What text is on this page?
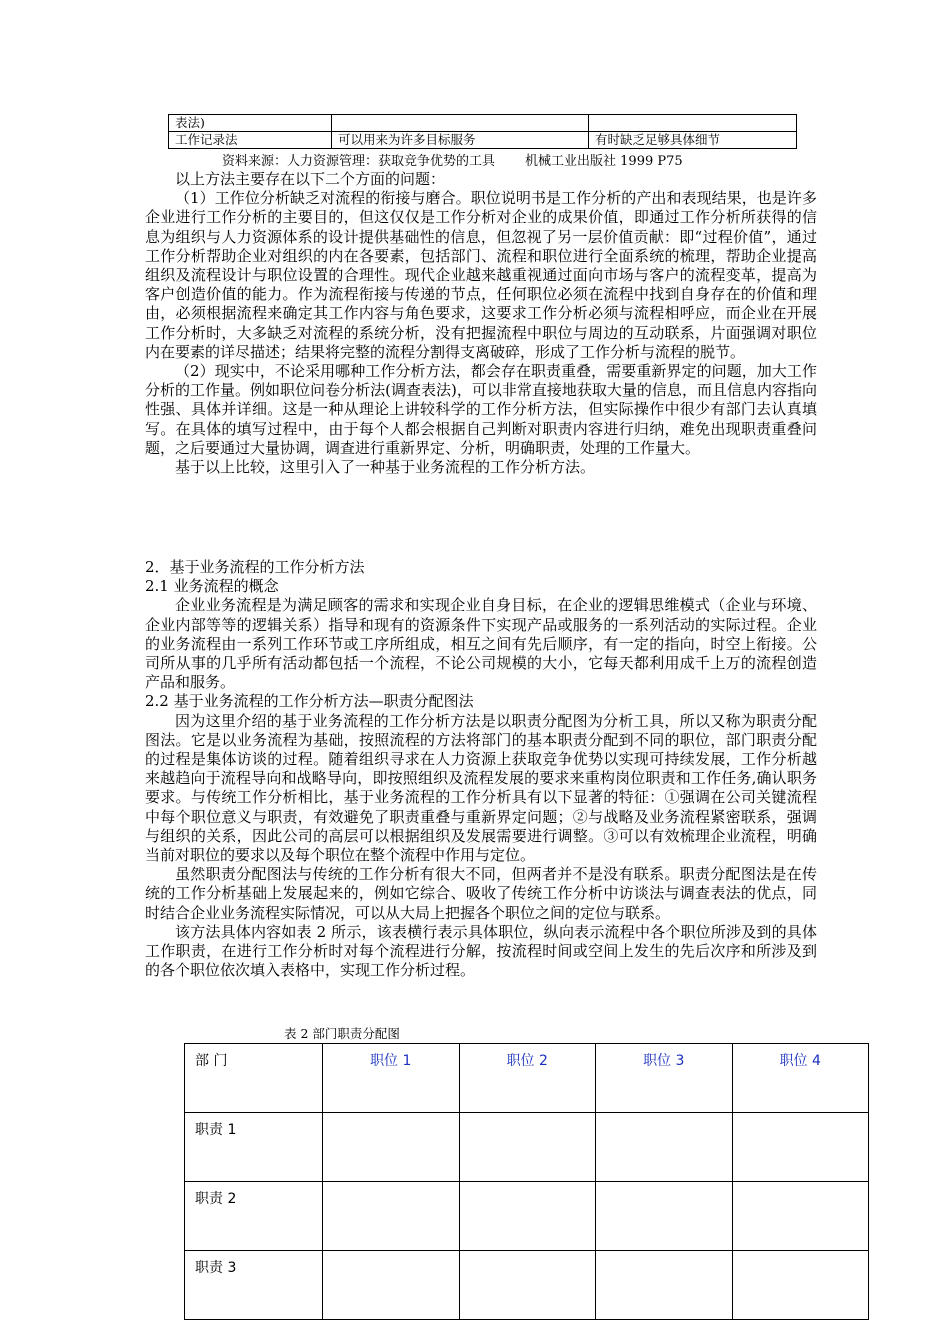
表法)		
工作记录法	可以用来为许多目标服务	有时缺乏足够具体细节
资料来源：人力资源管理：获取竞争优势的工具 机械工业出版社 1999 P75

以上方法主要存在以下二个方面的问题：

（1）工作位分析缺乏对流程的衔接与磨合。职位说明书是工作分析的产出和表现结果，也是许多企业进行工作分析的主要目的，但这仅仅是工作分析对企业的成果价值，即通过工作分析所获得的信息为组织与人力资源体系的设计提供基础性的信息，但忽视了另一层价值贡献：即“过程价值”，通过工作分析帮助企业对组织的内在各要素，包括部门、流程和职位进行全面系统的梳理，帮助企业提高组织及流程设计与职位设置的合理性。现代企业越来越重视通过面向市场与客户的流程变革，提高为客户创造价值的能力。作为流程衔接与传递的节点，任何职位必须在流程中找到自身存在的价值和理由，必须根据流程来确定其工作内容与角色要求，这要求工作分析必须与流程相呼应，而企业在开展工作分析时，大多缺乏对流程的系统分析，没有把握流程中职位与周边的互动联系，片面强调对职位内在要素的详尽描述；结果将完整的流程分割得支离破碎，形成了工作分析与流程的脱节。

（2）现实中，不论采用哪种工作分析方法，都会存在职责重叠，需要重新界定的问题，加大工作分析的工作量。例如职位问卷分析法(调查表法)，可以非常直接地获取大量的信息，而且信息内容指向性强、具体并详细。这是一种从理论上讲较科学的工作分析方法，但实际操作中很少有部门去认真填写。在具体的填写过程中，由于每个人都会根据自己判断对职责内容进行归纳，难免出现职责重叠问题，之后要通过大量协调，调查进行重新界定、分析，明确职责，处理的工作量大。

基于以上比较，这里引入了一种基于业务流程的工作分析方法。

2．基于业务流程的工作分析方法
2.1 业务流程的概念

企业业务流程是为满足顾客的需求和实现企业自身目标，在企业的逻辑思维模式（企业与环境、企业内部等等的逻辑关系）指导和现有的资源条件下实现产品或服务的一系列活动的实际过程。企业的业务流程由一系列工作环节或工序所组成，相互之间有先后顺序，有一定的指向，时空上衔接。公司所从事的几乎所有活动都包括一个流程，不论公司规模的大小，它每天都利用成千上万的流程创造产品和服务。

2.2 基于业务流程的工作分析方法—职责分配图法

因为这里介绍的基于业务流程的工作分析方法是以职责分配图为分析工具，所以又称为职责分配图法。它是以业务流程为基础，按照流程的方法将部门的基本职责分配到不同的职位，部门职责分配的过程是集体访谈的过程。随着组织寻求在人力资源上获取竞争优势以实现可持续发展，工作分析越来越趋向于流程导向和战略导向，即按照组织及流程发展的要求来重构岗位职责和工作任务,确认职务要求。与传统工作分析相比，基于业务流程的工作分析具有以下显著的特征：①强调在公司关键流程中每个职位意义与职责，有效避免了职责重叠与重新界定问题；②与战略及业务流程紧密联系，强调与组织的关系，因此公司的高层可以根据组织及发展需要进行调整。③可以有效梳理企业流程，明确当前对职位的要求以及每个职位在整个流程中作用与定位。

虽然职责分配图法与传统的工作分析有很大不同，但两者并不是没有联系。职责分配图法是在传统的工作分析基础上发展起来的，例如它综合、吸收了传统工作分析中访谈法与调查表法的优点，同时结合企业业务流程实际情况，可以从大局上把握各个职位之间的定位与联系。

该方法具体内容如表 2 所示，该表横行表示具体职位，纵向表示流程中各个职位所涉及到的具体工作职责，在进行工作分析时对每个流程进行分解，按流程时间或空间上发生的先后次序和所涉及到的各个职位依次填入表格中，实现工作分析过程。

表 2 部门职责分配图
部 门	职位 1	职位 2	职位 3	职位 4
职责 1				
职责 2				
职责 3				
